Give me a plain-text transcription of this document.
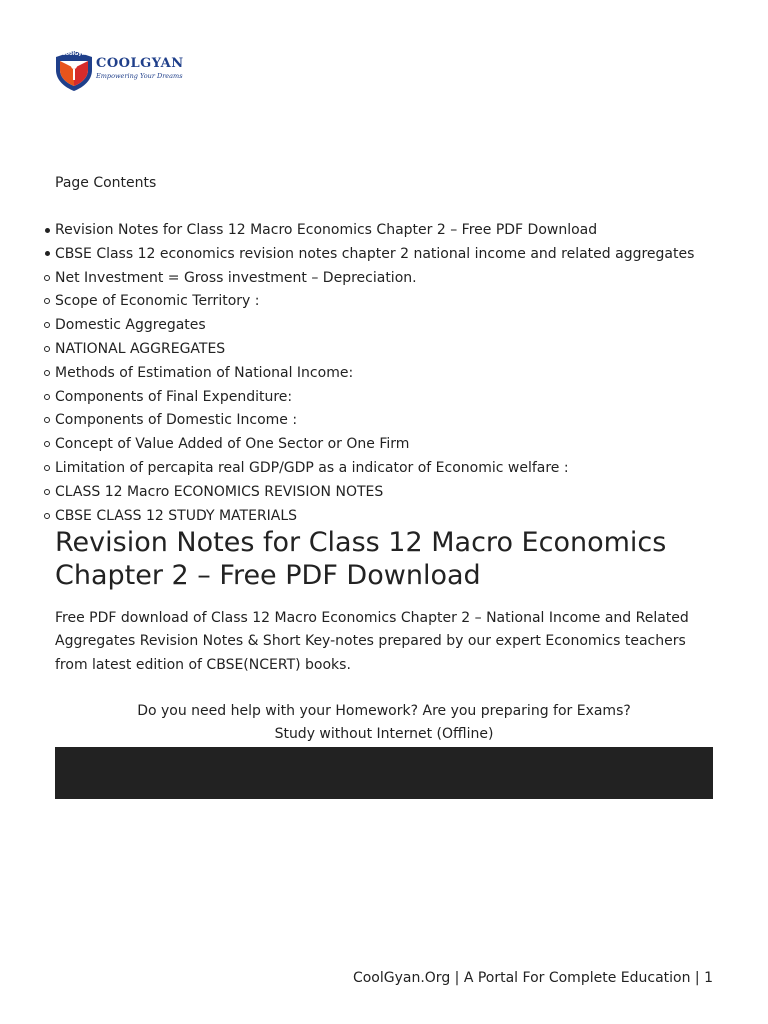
CoolGyan
COOLGYAN
Empowering Your Dreams
Page Contents
Revision Notes for Class 12 Macro Economics Chapter 2 – Free PDF Download
CBSE Class 12 economics revision notes chapter 2 national income and related aggregates
Net Investment = Gross investment – Depreciation.
Scope of Economic Territory :
Domestic Aggregates
NATIONAL AGGREGATES
Methods of Estimation of National Income:
Components of Final Expenditure:
Components of Domestic Income :
Concept of Value Added of One Sector or One Firm
Limitation of percapita real GDP/GDP as a indicator of Economic welfare :
CLASS 12 Macro ECONOMICS REVISION NOTES
CBSE CLASS 12 STUDY MATERIALS
Revision Notes for Class 12 Macro Economics Chapter 2 – Free PDF Download

Free PDF download of Class 12 Macro Economics Chapter 2 – National Income and Related Aggregates Revision Notes & Short Key-notes prepared by our expert Economics teachers from latest edition of CBSE(NCERT) books.

Do you need help with your Homework? Are you preparing for Exams?
Study without Internet (Offline)
CoolGyan.Org | A Portal For Complete Education | 1
